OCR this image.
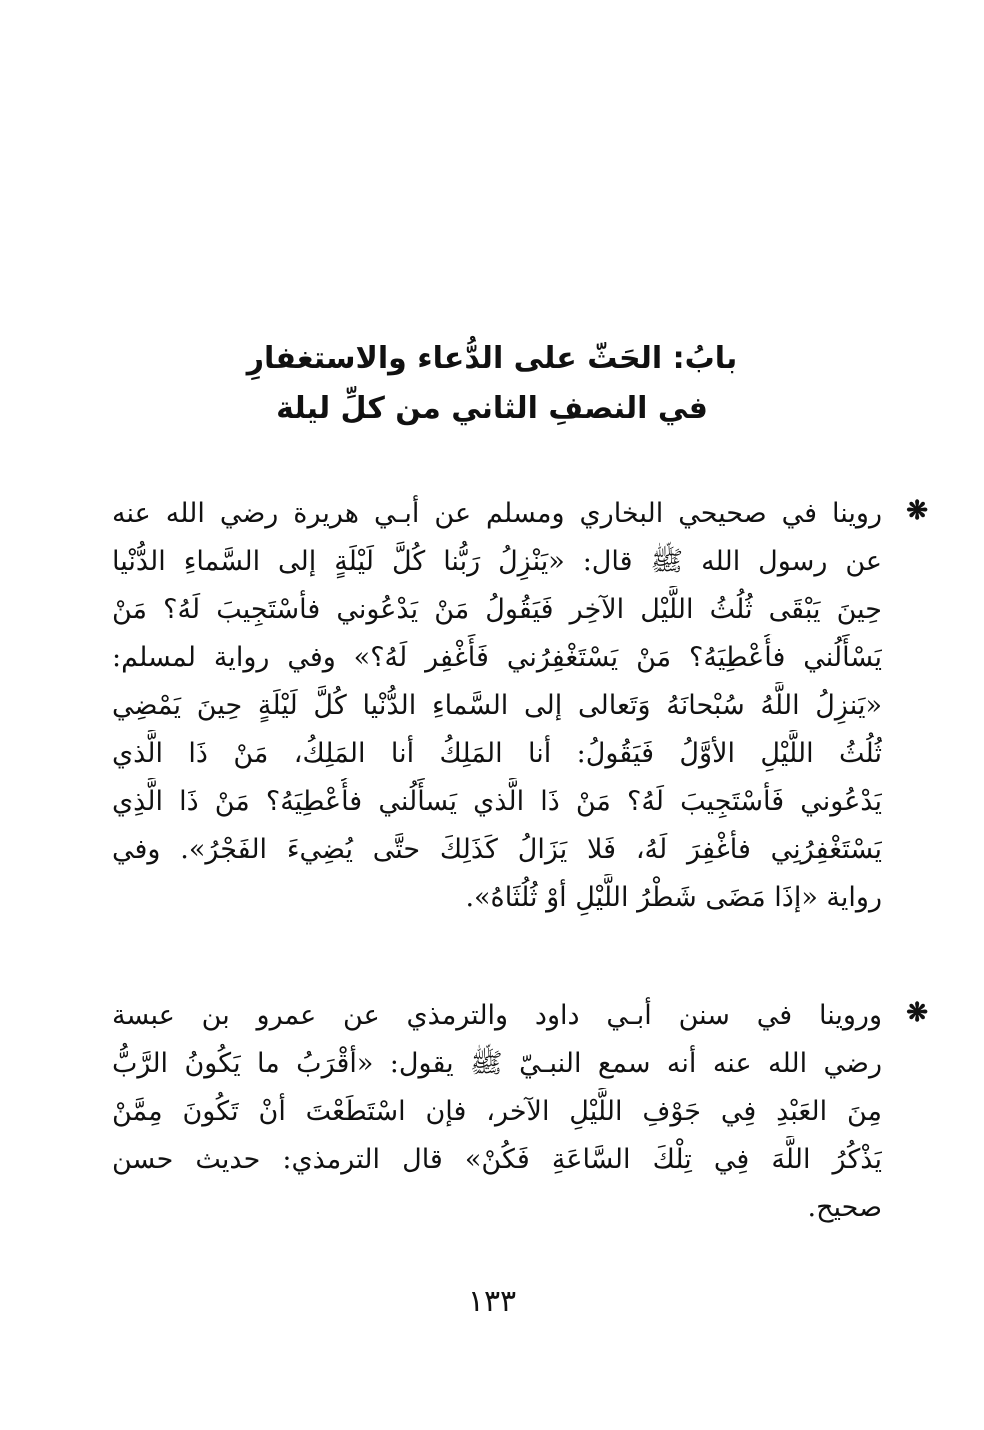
بابُ: الحَثّ على الدُّعاء والاستغفارِ
في النصفِ الثاني من كلِّ ليلة
❋
روينا في صحيحي البخاري ومسلم عن أبـي هريرة رضي الله عنه
عن رسول الله ﷺ قال: «يَنْزِلُ رَبُّنا كُلَّ لَيْلَةٍ إلى السَّماءِ الدُّنْيا
حِينَ يَبْقَى ثُلُثُ اللَّيْل الآخِر فَيَقُولُ مَنْ يَدْعُوني فأسْتَجِيبَ لَهُ؟ مَنْ
يَسْأَلُني فأُعْطِيَهُ؟ مَنْ يَسْتَغْفِرُني فَأَغْفِر لَهُ؟» وفي رواية لمسلم:
«يَنزِلُ اللَّهُ سُبْحانَهُ وَتَعالى إلى السَّماءِ الدُّنْيا كُلَّ لَيْلَةٍ حِينَ يَمْضِي
ثُلُثُ اللَّيْلِ الأوَّلُ فَيَقُولُ: أنا المَلِكُ أنا المَلِكُ، مَنْ ذَا الَّذي
يَدْعُوني فَأسْتَجِيبَ لَهُ؟ مَنْ ذَا الَّذي يَسأَلُني فأُعْطِيَهُ؟ مَنْ ذَا الَّذِي
يَسْتَغْفِرُنِي فأغْفِرَ لَهُ، فَلا يَزَالُ كَذَلِكَ حتَّى يُضِيءَ الفَجْرُ». وفي
رواية «إذَا مَضَى شَطْرُ اللَّيْلِ أوْ ثُلُثَاهُ».
❋
وروينا في سنن أبـي داود والترمذي عن عمرو بن عبسة
رضي الله عنه أنه سمع النبـيّ ﷺ يقول: «أقْرَبُ ما يَكُونُ الرَّبُّ
مِنَ العَبْدِ فِي جَوْفِ اللَّيْلِ الآخر، فإن اسْتَطَعْتَ أنْ تَكُونَ مِمَّنْ
يَذْكُرُ اللَّهَ فِي تِلْكَ السَّاعَةِ فَكُنْ» قال الترمذي: حديث حسن
صحيح.
١٣٣
